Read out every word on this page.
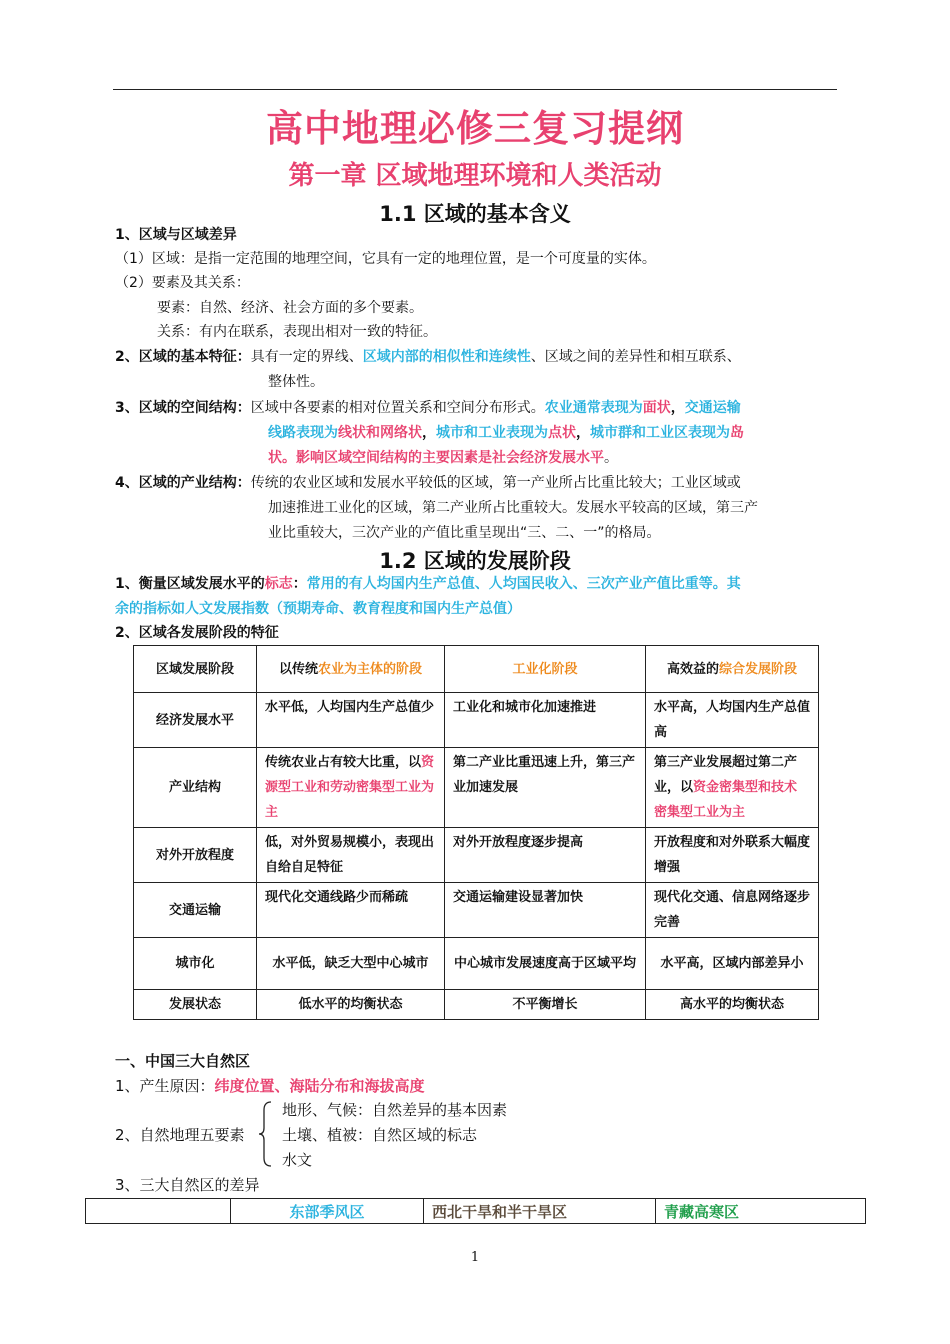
高中地理必修三复习提纲
第一章 区域地理环境和人类活动
1.1 区域的基本含义
1、区域与区域差异
（1）区域：是指一定范围的地理空间，它具有一定的地理位置，是一个可度量的实体。
（2）要素及其关系：
要素：自然、经济、社会方面的多个要素。
关系：有内在联系，表现出相对一致的特征。
2、区域的基本特征：具有一定的界线、区域内部的相似性和连续性、区域之间的差异性和相互联系、
整体性。
3、区域的空间结构：区域中各要素的相对位置关系和空间分布形式。农业通常表现为面状，交通运输
线路表现为线状和网络状，城市和工业表现为点状，城市群和工业区表现为岛
状。影响区域空间结构的主要因素是社会经济发展水平。
4、区域的产业结构：传统的农业区域和发展水平较低的区域，第一产业所占比重比较大；工业区域或
加速推进工业化的区域，第二产业所占比重较大。发展水平较高的区域，第三产
业比重较大，三次产业的产值比重呈现出“三、二、一”的格局。
1.2 区域的发展阶段
1、衡量区域发展水平的标志：常用的有人均国内生产总值、人均国民收入、三次产业产值比重等。其
余的指标如人文发展指数（预期寿命、教育程度和国内生产总值）
2、区域各发展阶段的特征
区域发展阶段	以传统农业为主体的阶段	工业化阶段	高效益的综合发展阶段
经济发展水平	水平低，人均国内生产总值少	工业化和城市化加速推进	水平高，人均国内生产总值高
产业结构	传统农业占有较大比重，以资源型工业和劳动密集型工业为主	第二产业比重迅速上升，第三产业加速发展	第三产业发展超过第二产业，以资金密集型和技术密集型工业为主
对外开放程度	低，对外贸易规模小，表现出自给自足特征	对外开放程度逐步提高	开放程度和对外联系大幅度增强
交通运输	现代化交通线路少而稀疏	交通运输建设显著加快	现代化交通、信息网络逐步完善
城市化	水平低，缺乏大型中心城市	中心城市发展速度高于区域平均	水平高，区域内部差异小
发展状态	低水平的均衡状态	不平衡增长	高水平的均衡状态
一、中国三大自然区
1、产生原因：纬度位置、海陆分布和海拔高度
地形、气候：自然差异的基本因素
2、自然地理五要素 土壤、植被：自然区域的标志
水文
3、三大自然区的差异
	东部季风区	西北干旱和半干旱区	青藏高寒区
1
